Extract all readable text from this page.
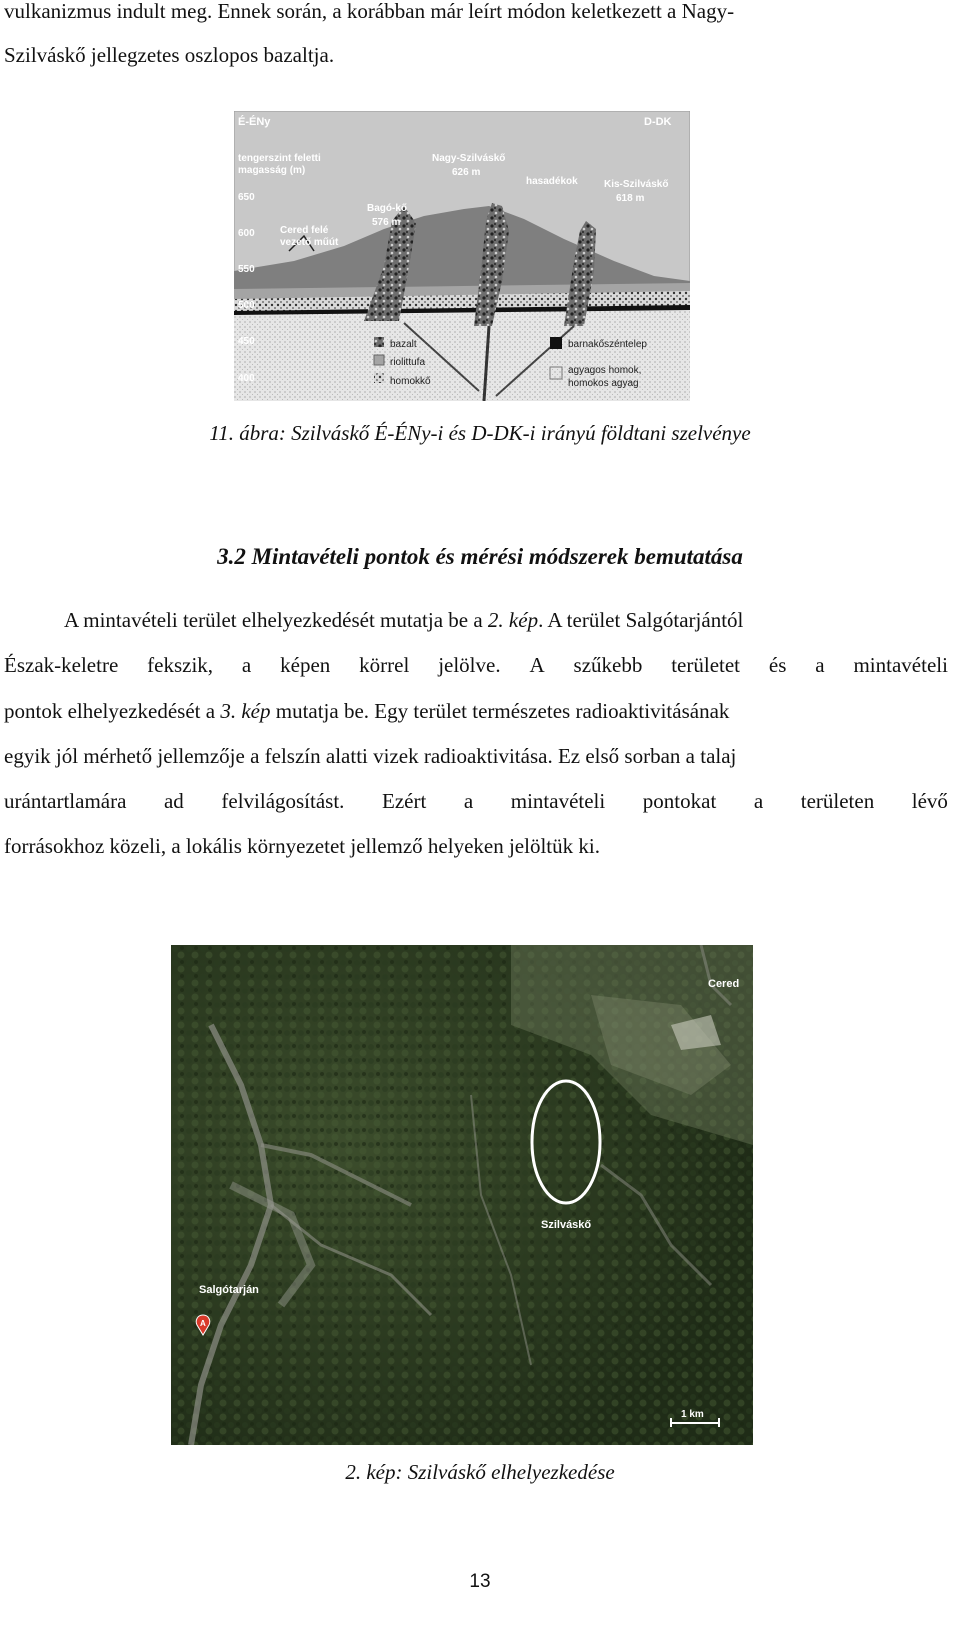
vulkanizmus indult meg. Ennek során, a korábban már leírt módon keletkezett a Nagy-
Szilváskő jellegzetes oszlopos bazaltja.
É-ÉNy	D-DK
tengerszint feletti
magasság (m)
650
600
550
500
450
400
Nagy-Szilváskő
626 m
hasadékok	Kis-Szilváskő
618 m
Bagó-kő
576 m
Cered felé
vezető műút
bazalt
riolittufa
homokkő
barnakőszéntelep
agyagos homok,
homokos agyag
11. ábra: Szilváskő É-ÉNy-i és D-DK-i irányú földtani szelvénye
3.2 Mintavételi pontok és mérési módszerek bemutatása
A mintavételi terület elhelyezkedését mutatja be a 2. kép. A terület Salgótarjántól
Észak-keletre fekszik, a képen körrel jelölve. A szűkebb területet és a mintavételi
pontok elhelyezkedését a 3. kép mutatja be. Egy terület természetes radioaktivitásának
egyik jól mérhető jellemzője a felszín alatti vizek radioaktivitása. Ez első sorban a talaj
urántartlamára ad felvilágosítást. Ezért a mintavételi pontokat a területen lévő
forrásokhoz közeli, a lokális környezetet jellemző helyeken jelöltük ki.
Cered
Szilváskő
Salgótarján
A
1 km
2. kép: Szilváskő elhelyezkedése
13
